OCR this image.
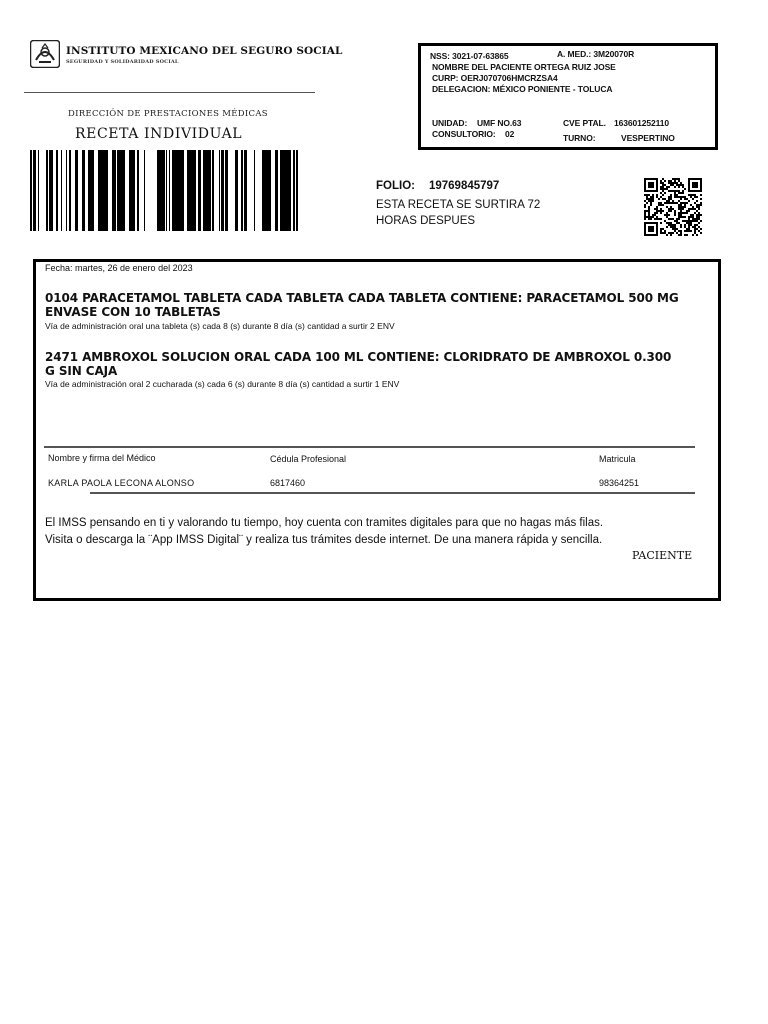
INSTITUTO MEXICANO DEL SEGURO SOCIAL
SEGURIDAD Y SOLIDARIDAD SOCIAL
DIRECCIÓN DE PRESTACIONES MÉDICAS
RECETA INDIVIDUAL
NSS: 3021-07-63865	A. MED.: 3M20070R
NOMBRE DEL PACIENTE ORTEGA RUIZ JOSE
CURP: OERJ070706HMCRZSA4
DELEGACION: MÉXICO PONIENTE - TOLUCA
UNIDAD: UMF NO.63
CONSULTORIO: 02
CVE PTAL. 163601252110
TURNO:	VESPERTINO
FOLIO: 19769845797
ESTA RECETA SE SURTIRA 72 HORAS DESPUES
Fecha: martes, 26 de enero del 2023
0104 PARACETAMOL TABLETA CADA TABLETA CADA TABLETA CONTIENE: PARACETAMOL 500 MG ENVASE CON 10 TABLETAS
Vía de administración oral una tableta (s) cada 8 (s) durante 8 día (s) cantidad a surtir 2 ENV
2471 AMBROXOL SOLUCION ORAL CADA 100 ML CONTIENE: CLORIDRATO DE AMBROXOL 0.300 G SIN CAJA
Vía de administración oral 2 cucharada (s) cada 6 (s) durante 8 día (s) cantidad a surtir 1 ENV
Nombre y firma del Médico	Cédula Profesional	Matricula
KARLA PAOLA LECONA ALONSO	6817460	98364251
El IMSS pensando en ti y valorando tu tiempo, hoy cuenta con tramites digitales para que no hagas más filas.
Visita o descarga la ¨App IMSS Digital¨ y realiza tus trámites desde internet. De una manera rápida y sencilla.
PACIENTE
